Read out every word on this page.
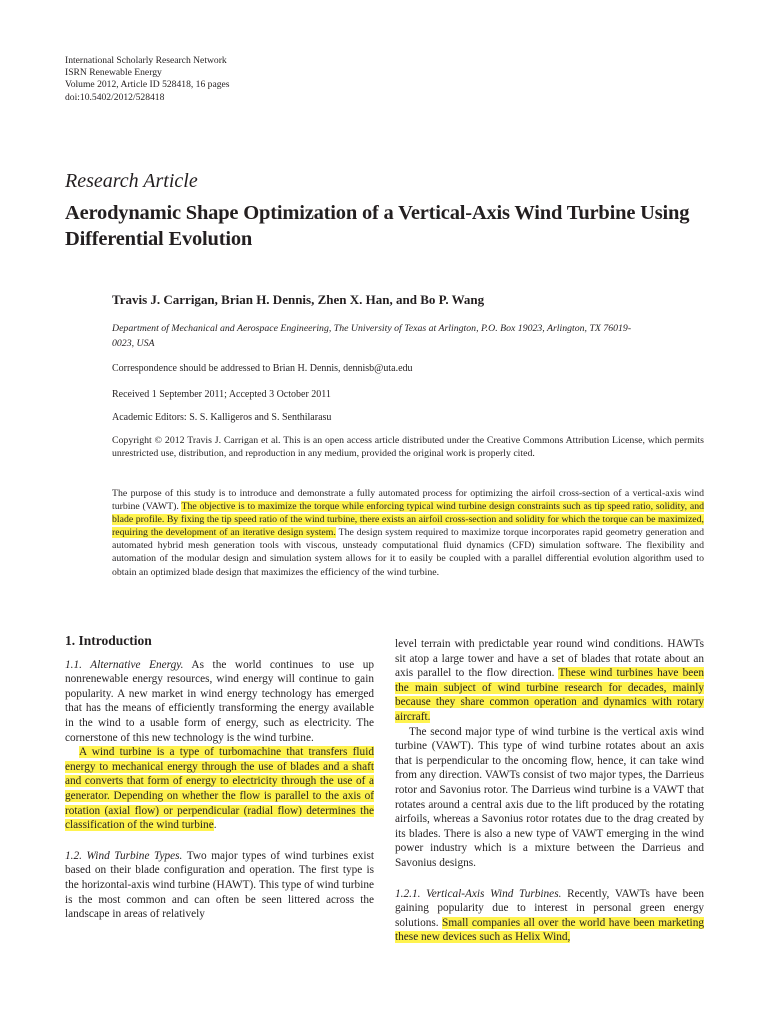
International Scholarly Research Network
ISRN Renewable Energy
Volume 2012, Article ID 528418, 16 pages
doi:10.5402/2012/528418
Research Article
Aerodynamic Shape Optimization of a Vertical-Axis Wind Turbine Using Differential Evolution
Travis J. Carrigan, Brian H. Dennis, Zhen X. Han, and Bo P. Wang
Department of Mechanical and Aerospace Engineering, The University of Texas at Arlington, P.O. Box 19023, Arlington, TX 76019-0023, USA
Correspondence should be addressed to Brian H. Dennis, dennisb@uta.edu
Received 1 September 2011; Accepted 3 October 2011
Academic Editors: S. S. Kalligeros and S. Senthilarasu
Copyright © 2012 Travis J. Carrigan et al. This is an open access article distributed under the Creative Commons Attribution License, which permits unrestricted use, distribution, and reproduction in any medium, provided the original work is properly cited.
The purpose of this study is to introduce and demonstrate a fully automated process for optimizing the airfoil cross-section of a vertical-axis wind turbine (VAWT). The objective is to maximize the torque while enforcing typical wind turbine design constraints such as tip speed ratio, solidity, and blade profile. By fixing the tip speed ratio of the wind turbine, there exists an airfoil cross-section and solidity for which the torque can be maximized, requiring the development of an iterative design system. The design system required to maximize torque incorporates rapid geometry generation and automated hybrid mesh generation tools with viscous, unsteady computational fluid dynamics (CFD) simulation software. The flexibility and automation of the modular design and simulation system allows for it to easily be coupled with a parallel differential evolution algorithm used to obtain an optimized blade design that maximizes the efficiency of the wind turbine.
1. Introduction

1.1. Alternative Energy. As the world continues to use up nonrenewable energy resources, wind energy will continue to gain popularity. A new market in wind energy technology has emerged that has the means of efficiently transforming the energy available in the wind to a usable form of energy, such as electricity. The cornerstone of this new technology is the wind turbine.

A wind turbine is a type of turbomachine that transfers fluid energy to mechanical energy through the use of blades and a shaft and converts that form of energy to electricity through the use of a generator. Depending on whether the flow is parallel to the axis of rotation (axial flow) or perpendicular (radial flow) determines the classification of the wind turbine.

1.2. Wind Turbine Types. Two major types of wind turbines exist based on their blade configuration and operation. The first type is the horizontal-axis wind turbine (HAWT). This type of wind turbine is the most common and can often be seen littered across the landscape in areas of relatively

level terrain with predictable year round wind conditions. HAWTs sit atop a large tower and have a set of blades that rotate about an axis parallel to the flow direction. These wind turbines have been the main subject of wind turbine research for decades, mainly because they share common operation and dynamics with rotary aircraft.

The second major type of wind turbine is the vertical axis wind turbine (VAWT). This type of wind turbine rotates about an axis that is perpendicular to the oncoming flow, hence, it can take wind from any direction. VAWTs consist of two major types, the Darrieus rotor and Savonius rotor. The Darrieus wind turbine is a VAWT that rotates around a central axis due to the lift produced by the rotating airfoils, whereas a Savonius rotor rotates due to the drag created by its blades. There is also a new type of VAWT emerging in the wind power industry which is a mixture between the Darrieus and Savonius designs.

1.2.1. Vertical-Axis Wind Turbines. Recently, VAWTs have been gaining popularity due to interest in personal green energy solutions. Small companies all over the world have been marketing these new devices such as Helix Wind,
